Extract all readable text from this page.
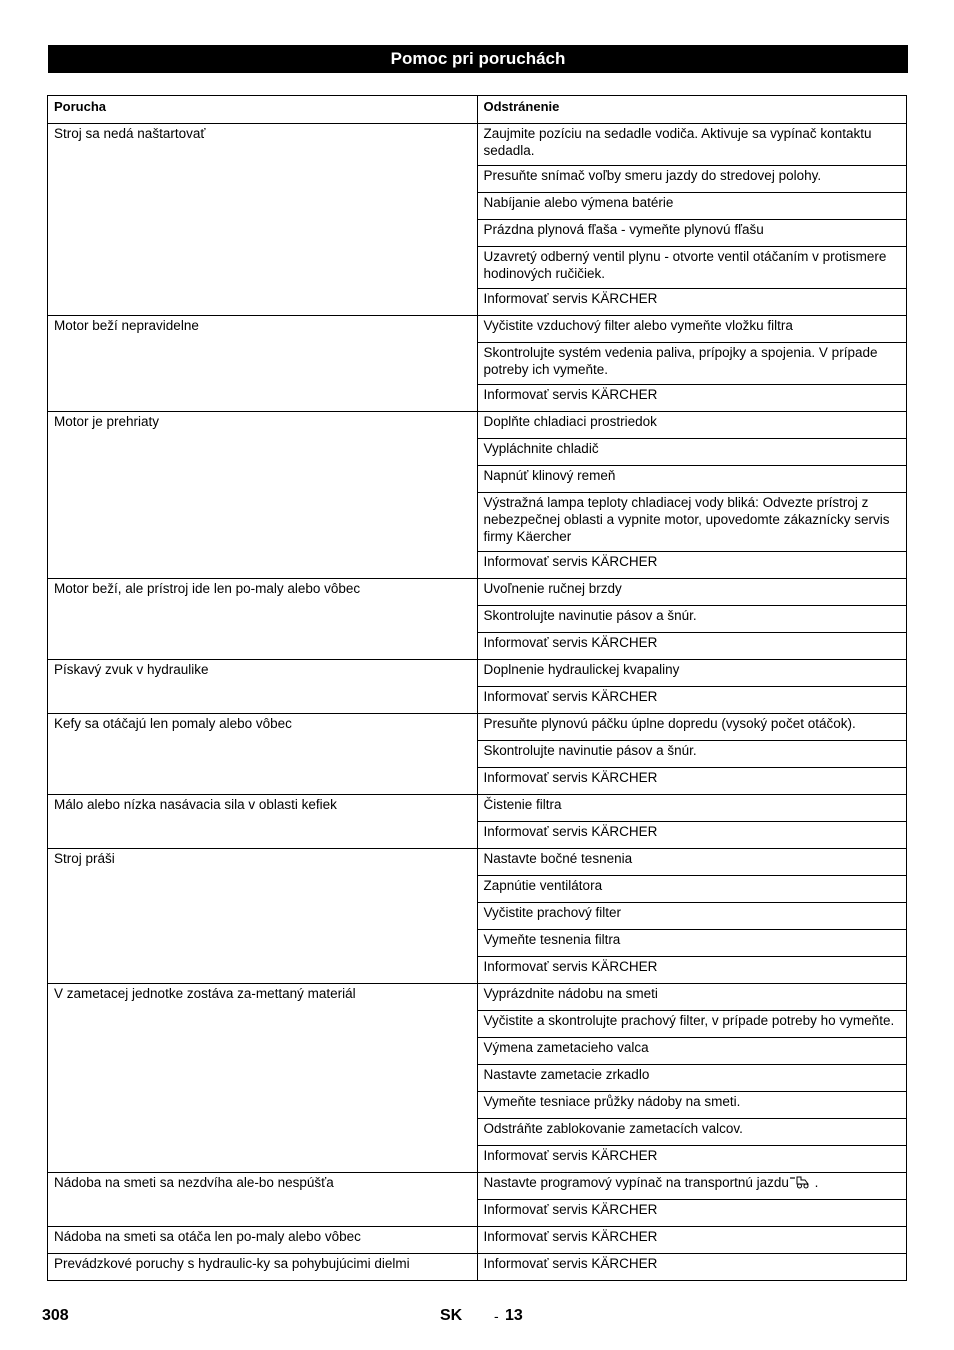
Pomoc pri poruchách
Porucha	Odstránenie
Stroj sa nedá naštartovať	Zaujmite pozíciu na sedadle vodiča. Aktivuje sa vypínač kontaktu sedadla.
	Presuňte snímač voľby smeru jazdy do stredovej polohy.
	Nabíjanie alebo výmena batérie
	Prázdna plynová fľaša - vymeňte plynovú fľašu
	Uzavretý odberný ventil plynu - otvorte ventil otáčaním v protismere hodinových ručičiek.
	Informovať servis KÄRCHER
Motor beží nepravidelne	Vyčistite vzduchový filter alebo vymeňte vložku filtra
	Skontrolujte systém vedenia paliva, prípojky a spojenia. V prípade potreby ich vymeňte.
	Informovať servis KÄRCHER
Motor je prehriaty	Doplňte chladiaci prostriedok
	Vypláchnite chladič
	Napnúť klinový remeň
	Výstražná lampa teploty chladiacej vody bliká: Odvezte prístroj z nebezpečnej oblasti a vypnite motor, upovedomte zákaznícky servis firmy Käercher
	Informovať servis KÄRCHER
Motor beží, ale prístroj ide len po-maly alebo vôbec	Uvoľnenie ručnej brzdy
	Skontrolujte navinutie pásov a šnúr.
	Informovať servis KÄRCHER
Pískavý zvuk v hydraulike	Doplnenie hydraulickej kvapaliny
	Informovať servis KÄRCHER
Kefy sa otáčajú len pomaly alebo vôbec	Presuňte plynovú páčku úplne dopredu (vysoký počet otáčok).
	Skontrolujte navinutie pásov a šnúr.
	Informovať servis KÄRCHER
Málo alebo nízka nasávacia sila v oblasti kefiek	Čistenie filtra
	Informovať servis KÄRCHER
Stroj práši	Nastavte bočné tesnenia
	Zapnútie ventilátora
	Vyčistite prachový filter
	Vymeňte tesnenia filtra
	Informovať servis KÄRCHER
V zametacej jednotke zostáva za-mettaný materiál	Vyprázdnite nádobu na smeti
	Vyčistite a skontrolujte prachový filter, v prípade potreby ho vymeňte.
	Výmena zametacieho valca
	Nastavte zametacie zrkadlo
	Vymeňte tesniace průžky nádoby na smeti.
	Odstráňte zablokovanie zametacích valcov.
	Informovať servis KÄRCHER
Nádoba na smeti sa nezdvíha ale-bo nespúšťa	Nastavte programový vypínač na transportnú jazdu .
	Informovať servis KÄRCHER
Nádoba na smeti sa otáča len po-maly alebo vôbec	Informovať servis KÄRCHER
Prevádzkové poruchy s hydraulic-ky sa pohybujúcimi dielmi	Informovať servis KÄRCHER
308	SK - 13
